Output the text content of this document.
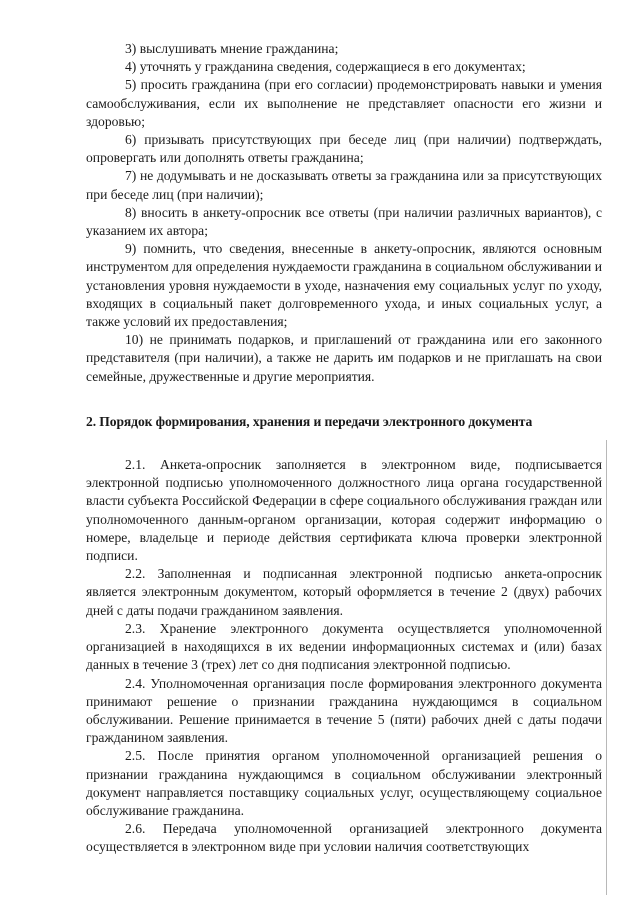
3) выслушивать мнение гражданина;

4) уточнять у гражданина сведения, содержащиеся в его документах;

5) просить гражданина (при его согласии) продемонстрировать навыки и умения самообслуживания, если их выполнение не представляет опасности его жизни и здоровью;

6) призывать присутствующих при беседе лиц (при наличии) подтверждать, опровергать или дополнять ответы гражданина;

7) не додумывать и не досказывать ответы за гражданина или за присутствующих при беседе лиц (при наличии);

8) вносить в анкету-опросник все ответы (при наличии различных вариантов), с указанием их автора;

9) помнить, что сведения, внесенные в анкету-опросник, являются основным инструментом для определения нуждаемости гражданина в социальном обслуживании и установления уровня нуждаемости в уходе, назначения ему социальных услуг по уходу, входящих в социальный пакет долговременного ухода, и иных социальных услуг, а также условий их предоставления;

10) не принимать подарков, и приглашений от гражданина или его законного представителя (при наличии), а также не дарить им подарков и не приглашать на свои семейные, дружественные и другие мероприятия.

2. Порядок формирования, хранения и передачи электронного документа

2.1. Анкета-опросник заполняется в электронном виде, подписывается электронной подписью уполномоченного должностного лица органа государственной власти субъекта Российской Федерации в сфере социального обслуживания граждан или уполномоченного данным-органом организации, которая содержит информацию о номере, владельце и периоде действия сертификата ключа проверки электронной подписи.

2.2. Заполненная и подписанная электронной подписью анкета-опросник является электронным документом, который оформляется в течение 2 (двух) рабочих дней с даты подачи гражданином заявления.

2.3. Хранение электронного документа осуществляется уполномоченной организацией в находящихся в их ведении информационных системах и (или) базах данных в течение 3 (трех) лет со дня подписания электронной подписью.

2.4. Уполномоченная организация после формирования электронного документа принимают решение о признании гражданина нуждающимся в социальном обслуживании. Решение принимается в течение 5 (пяти) рабочих дней с даты подачи гражданином заявления.

2.5. После принятия органом уполномоченной организацией решения о признании гражданина нуждающимся в социальном обслуживании электронный документ направляется поставщику социальных услуг, осуществляющему социальное обслуживание гражданина.

2.6. Передача уполномоченной организацией электронного документа осуществляется в электронном виде при условии наличия соответствующих
